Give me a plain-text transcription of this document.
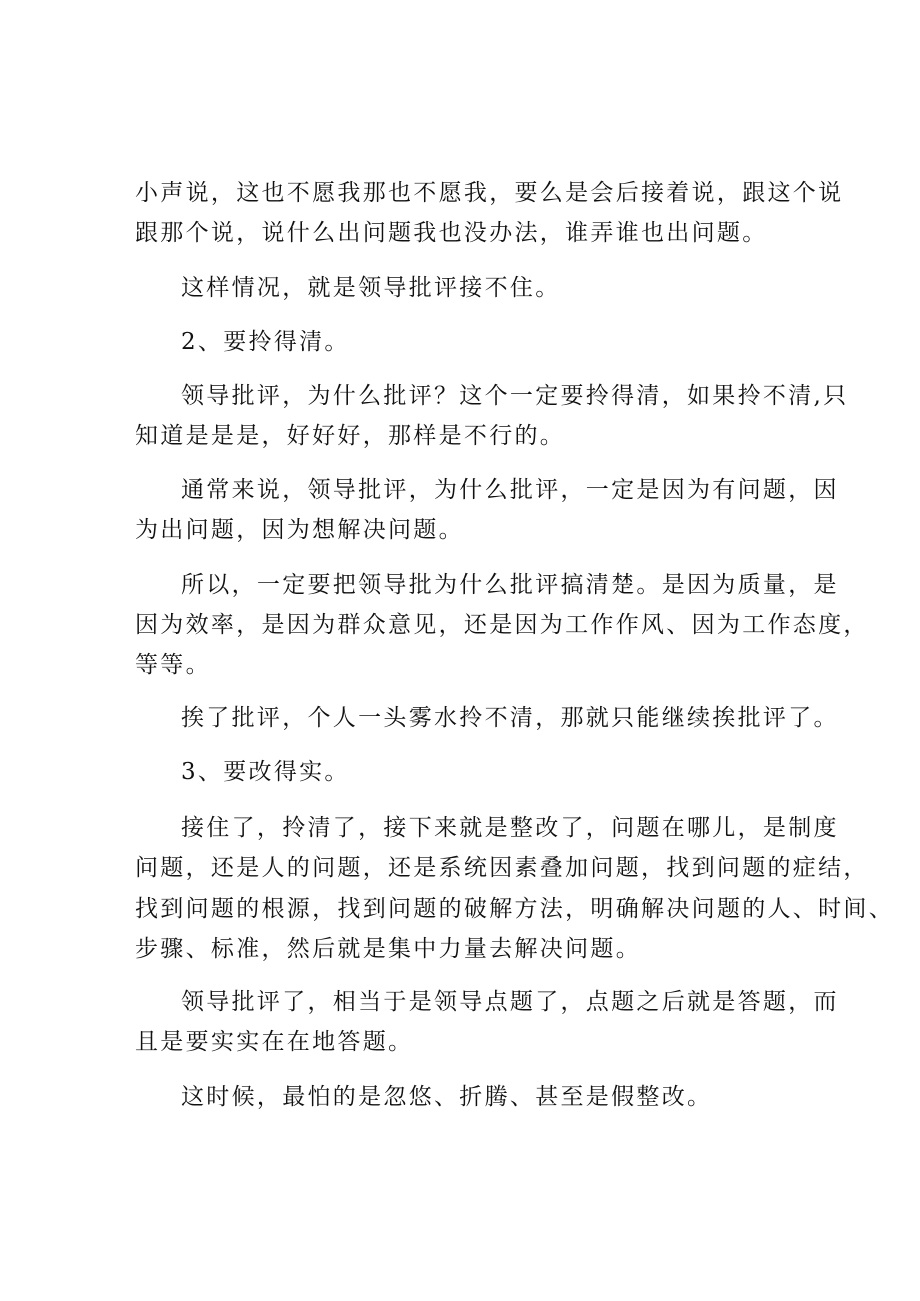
小声说，这也不愿我那也不愿我，要么是会后接着说，跟这个说
跟那个说，说什么出问题我也没办法，谁弄谁也出问题。
这样情况，就是领导批评接不住。
2、要拎得清。
领导批评，为什么批评？这个一定要拎得清，如果拎不清,只
知道是是是，好好好，那样是不行的。
通常来说，领导批评，为什么批评，一定是因为有问题，因
为出问题，因为想解决问题。
所以，一定要把领导批为什么批评搞清楚。是因为质量，是
因为效率，是因为群众意见，还是因为工作作风、因为工作态度，
等等。
挨了批评，个人一头雾水拎不清，那就只能继续挨批评了。
3、要改得实。
接住了，拎清了，接下来就是整改了，问题在哪儿，是制度
问题，还是人的问题，还是系统因素叠加问题，找到问题的症结，
找到问题的根源，找到问题的破解方法，明确解决问题的人、时间、
步骤、标准，然后就是集中力量去解决问题。
领导批评了，相当于是领导点题了，点题之后就是答题，而
且是要实实在在地答题。
这时候，最怕的是忽悠、折腾、甚至是假整改。
